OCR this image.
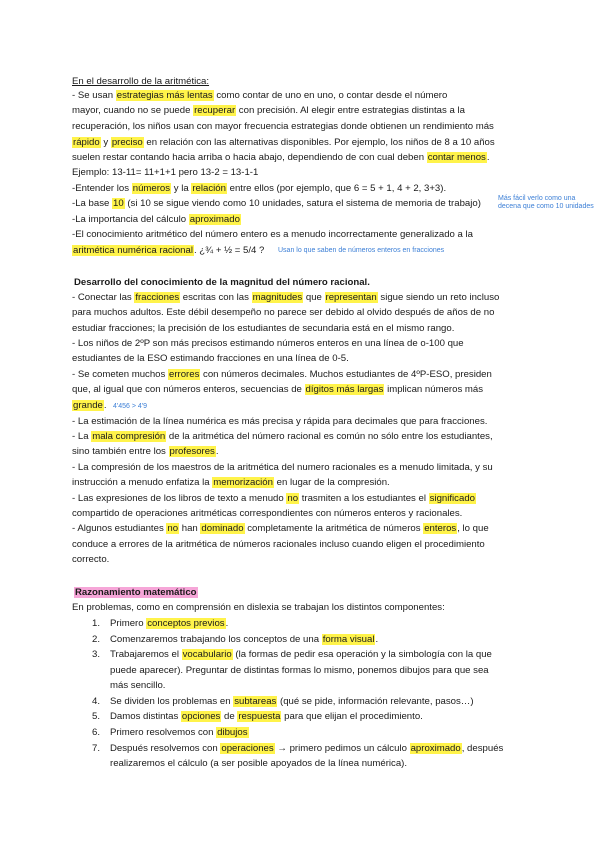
En el desarrollo de la aritmética:
- Se usan estrategias más lentas como contar de uno en uno, o contar desde el número
mayor, cuando no se puede recuperar con precisión. Al elegir entre estrategias distintas a la
recuperación, los niños usan con mayor frecuencia estrategias donde obtienen un rendimiento más
rápido y preciso en relación con las alternativas disponibles. Por ejemplo, los niños de 8 a 10 años
suelen restar contando hacia arriba o hacia abajo, dependiendo de con cual deben contar menos.
Ejemplo: 13-11= 11+1+1 pero 13-2 = 13-1-1
-Entender los números y la relación entre ellos (por ejemplo, que 6 = 5 + 1, 4 + 2, 3+3).
-La base 10 (si 10 se sigue viendo como 10 unidades, satura el sistema de memoria de trabajo) Más fácil verlo como una
decena que como 10 unidades
-La importancia del cálculo aproximado
-El conocimiento aritmético del número entero es a menudo incorrectamente generalizado a la
aritmética numérica racional. ¿¾ + ½ = 5/4 ? Usan lo que saben de números enteros en fracciones
Desarrollo del conocimiento de la magnitud del número racional.
- Conectar las fracciones escritas con las magnitudes que representan sigue siendo un reto incluso
para muchos adultos. Este débil desempeño no parece ser debido al olvido después de años de no
estudiar fracciones; la precisión de los estudiantes de secundaria está en el mismo rango.
- Los niños de 2ºP son más precisos estimando números enteros en una línea de o-100 que
estudiantes de la ESO estimando fracciones en una línea de 0-5.
- Se cometen muchos errores con números decimales. Muchos estudiantes de 4ºP-ESO, presiden
que, al igual que con números enteros, secuencias de dígitos más largas implican números más
grande. 4'456 > 4'9
- La estimación de la línea numérica es más precisa y rápida para decimales que para fracciones.
- La mala compresión de la aritmética del número racional es común no sólo entre los estudiantes,
sino también entre los profesores.
- La compresión de los maestros de la aritmética del numero racionales es a menudo limitada, y su
instrucción a menudo enfatiza la memorización en lugar de la compresión.
- Las expresiones de los libros de texto a menudo no trasmiten a los estudiantes el significado
compartido de operaciones aritméticas correspondientes con números enteros y racionales.
- Algunos estudiantes no han dominado completamente la aritmética de números enteros, lo que
conduce a errores de la aritmética de números racionales incluso cuando eligen el procedimiento
correcto.
Razonamiento matemático
En problemas, como en comprensión en dislexia se trabajan los distintos componentes:
1. Primero conceptos previos.
2. Comenzaremos trabajando los conceptos de una forma visual.
3. Trabajaremos el vocabulario (la formas de pedir esa operación y la simbología con la que
puede aparecer). Preguntar de distintas formas lo mismo, ponemos dibujos para que sea
más sencillo.
4. Se dividen los problemas en subtareas (qué se pide, información relevante, pasos…)
5. Damos distintas opciones de respuesta para que elijan el procedimiento.
6. Primero resolvemos con dibujos
7. Después resolvemos con operaciones → primero pedimos un cálculo aproximado, después
realizaremos el cálculo (a ser posible apoyados de la línea numérica).
